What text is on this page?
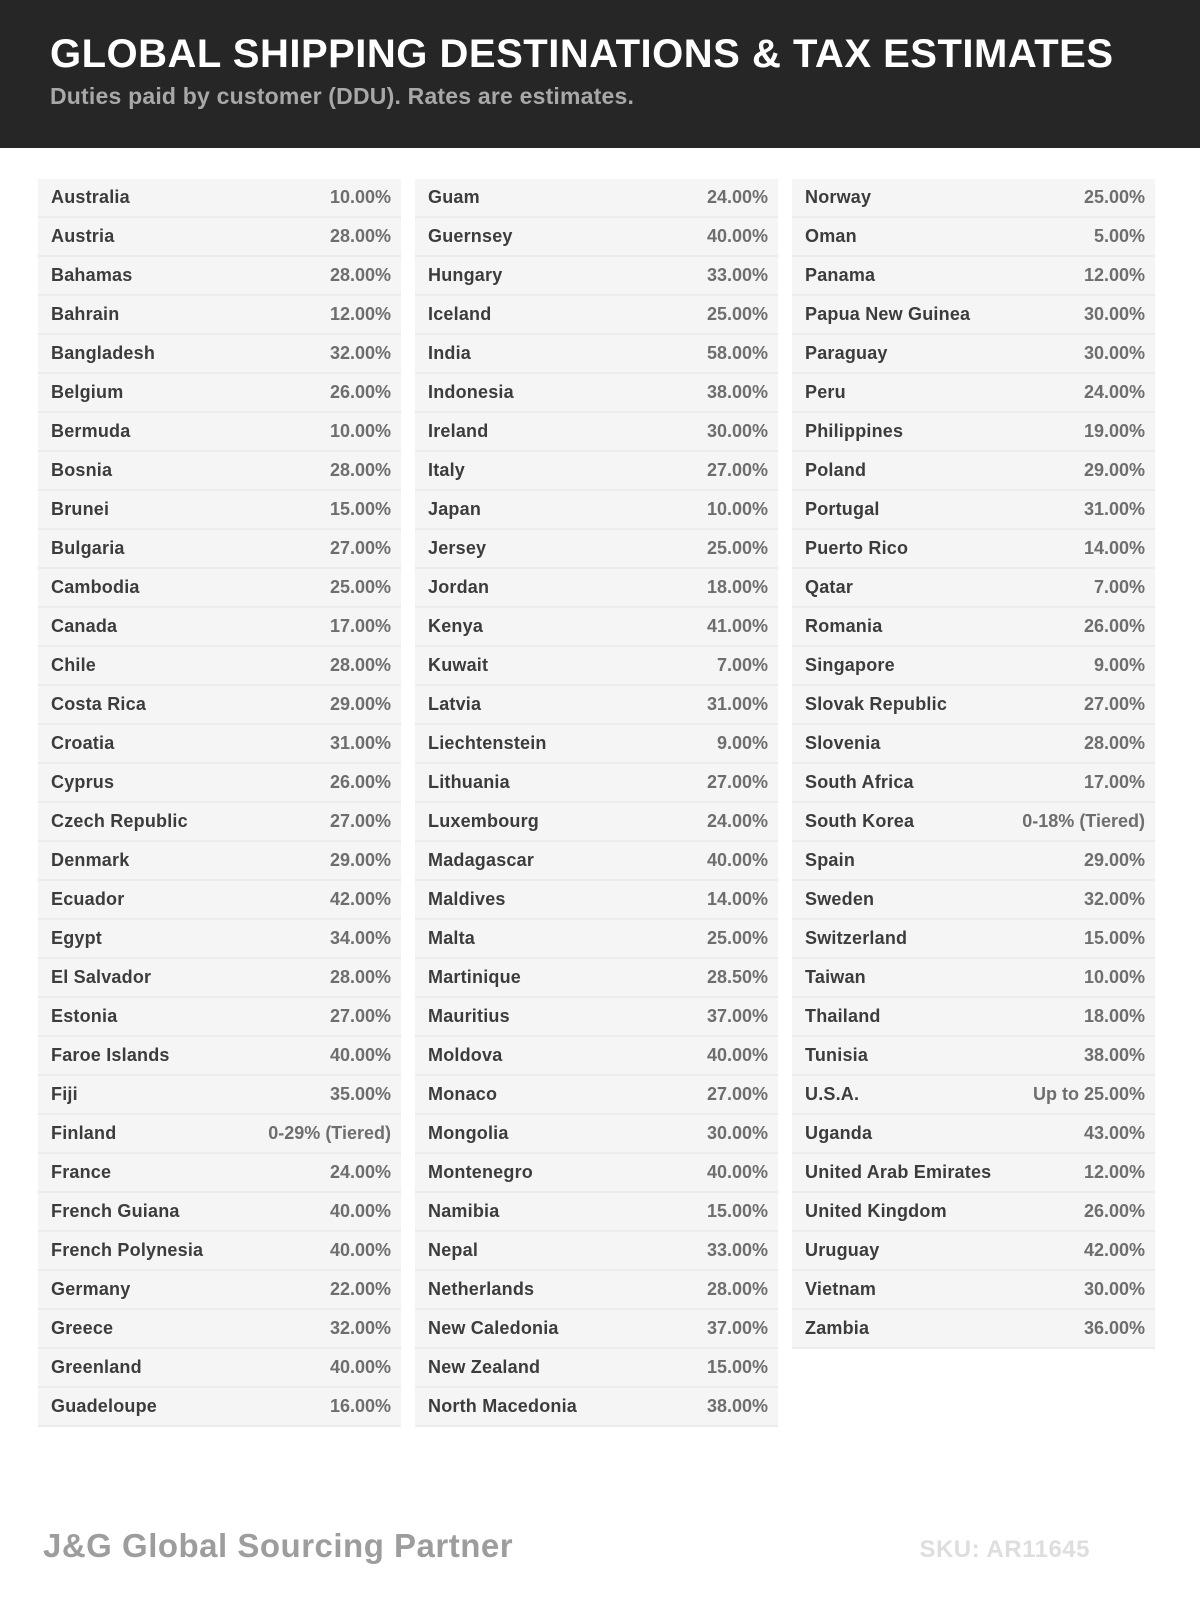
GLOBAL SHIPPING DESTINATIONS & TAX ESTIMATES

Duties paid by customer (DDU). Rates are estimates.

Australia	10.00%
Austria	28.00%
Bahamas	28.00%
Bahrain	12.00%
Bangladesh	32.00%
Belgium	26.00%
Bermuda	10.00%
Bosnia	28.00%
Brunei	15.00%
Bulgaria	27.00%
Cambodia	25.00%
Canada	17.00%
Chile	28.00%
Costa Rica	29.00%
Croatia	31.00%
Cyprus	26.00%
Czech Republic	27.00%
Denmark	29.00%
Ecuador	42.00%
Egypt	34.00%
El Salvador	28.00%
Estonia	27.00%
Faroe Islands	40.00%
Fiji	35.00%
Finland	0-29% (Tiered)
France	24.00%
French Guiana	40.00%
French Polynesia	40.00%
Germany	22.00%
Greece	32.00%
Greenland	40.00%
Guadeloupe	16.00%
Guam	24.00%
Guernsey	40.00%
Hungary	33.00%
Iceland	25.00%
India	58.00%
Indonesia	38.00%
Ireland	30.00%
Italy	27.00%
Japan	10.00%
Jersey	25.00%
Jordan	18.00%
Kenya	41.00%
Kuwait	7.00%
Latvia	31.00%
Liechtenstein	9.00%
Lithuania	27.00%
Luxembourg	24.00%
Madagascar	40.00%
Maldives	14.00%
Malta	25.00%
Martinique	28.50%
Mauritius	37.00%
Moldova	40.00%
Monaco	27.00%
Mongolia	30.00%
Montenegro	40.00%
Namibia	15.00%
Nepal	33.00%
Netherlands	28.00%
New Caledonia	37.00%
New Zealand	15.00%
North Macedonia	38.00%
Norway	25.00%
Oman	5.00%
Panama	12.00%
Papua New Guinea	30.00%
Paraguay	30.00%
Peru	24.00%
Philippines	19.00%
Poland	29.00%
Portugal	31.00%
Puerto Rico	14.00%
Qatar	7.00%
Romania	26.00%
Singapore	9.00%
Slovak Republic	27.00%
Slovenia	28.00%
South Africa	17.00%
South Korea	0-18% (Tiered)
Spain	29.00%
Sweden	32.00%
Switzerland	15.00%
Taiwan	10.00%
Thailand	18.00%
Tunisia	38.00%
U.S.A.	Up to 25.00%
Uganda	43.00%
United Arab Emirates	12.00%
United Kingdom	26.00%
Uruguay	42.00%
Vietnam	30.00%
Zambia	36.00%
J&G Global Sourcing Partner	SKU: AR11645
